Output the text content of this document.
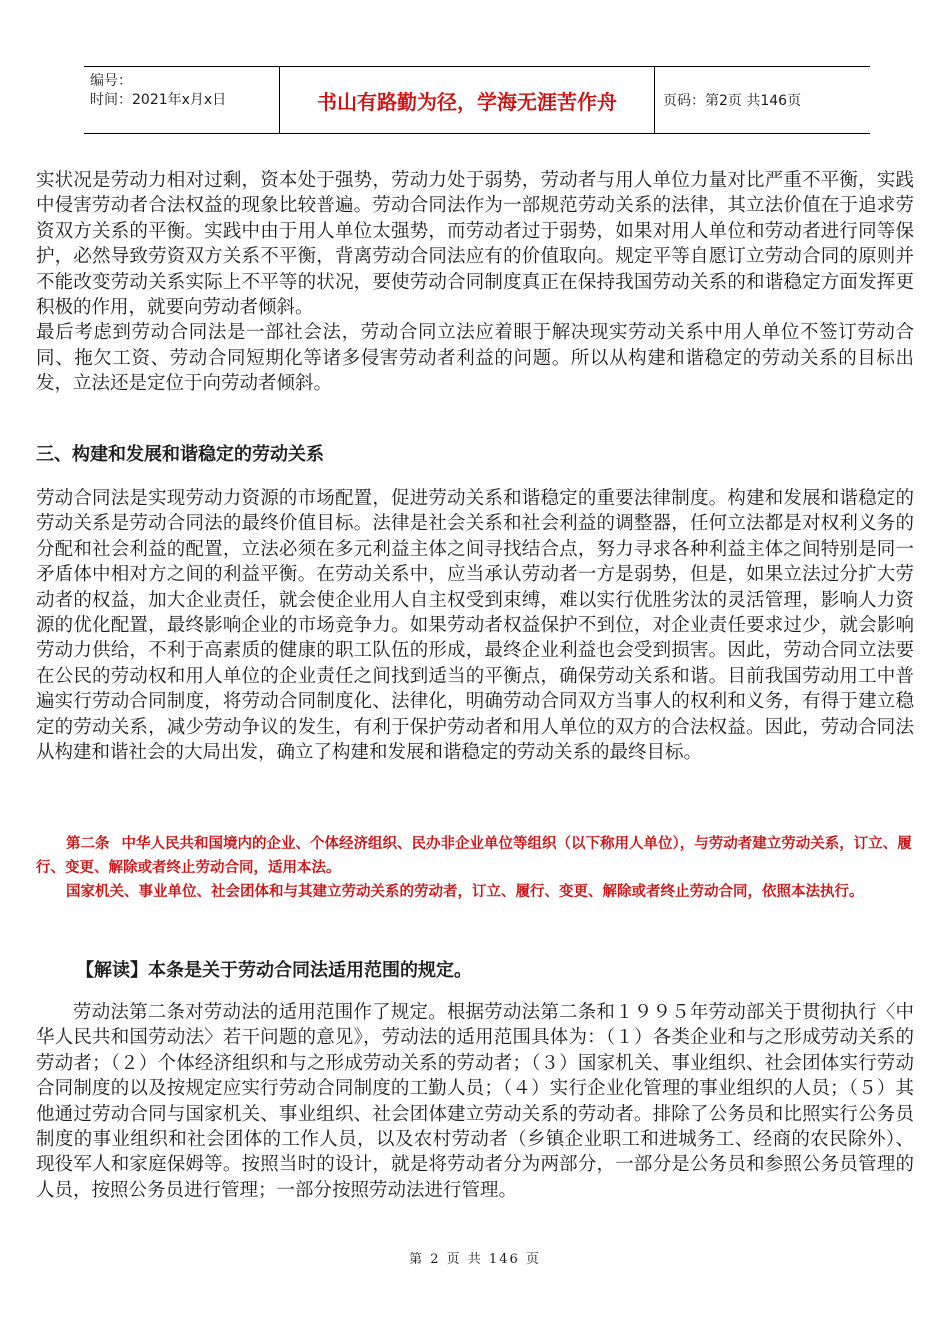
编号：
时间：2021年x月x日	书山有路勤为径，学海无涯苦作舟	页码：第2页 共146页

实状况是劳动力相对过剩，资本处于强势，劳动力处于弱势，劳动者与用人单位力量对比严重不平衡，实践中侵害劳动者合法权益的现象比较普遍。劳动合同法作为一部规范劳动关系的法律，其立法价值在于追求劳资双方关系的平衡。实践中由于用人单位太强势，而劳动者过于弱势，如果对用人单位和劳动者进行同等保护，必然导致劳资双方关系不平衡，背离劳动合同法应有的价值取向。规定平等自愿订立劳动合同的原则并不能改变劳动关系实际上不平等的状况，要使劳动合同制度真正在保持我国劳动关系的和谐稳定方面发挥更积极的作用，就要向劳动者倾斜。

最后考虑到劳动合同法是一部社会法，劳动合同立法应着眼于解决现实劳动关系中用人单位不签订劳动合同、拖欠工资、劳动合同短期化等诸多侵害劳动者利益的问题。所以从构建和谐稳定的劳动关系的目标出发，立法还是定位于向劳动者倾斜。

三、构建和发展和谐稳定的劳动关系

劳动合同法是实现劳动力资源的市场配置，促进劳动关系和谐稳定的重要法律制度。构建和发展和谐稳定的劳动关系是劳动合同法的最终价值目标。法律是社会关系和社会利益的调整器，任何立法都是对权利义务的分配和社会利益的配置，立法必须在多元利益主体之间寻找结合点，努力寻求各种利益主体之间特别是同一矛盾体中相对方之间的利益平衡。在劳动关系中，应当承认劳动者一方是弱势，但是，如果立法过分扩大劳动者的权益，加大企业责任，就会使企业用人自主权受到束缚，难以实行优胜劣汰的灵活管理，影响人力资源的优化配置，最终影响企业的市场竞争力。如果劳动者权益保护不到位，对企业责任要求过少，就会影响劳动力供给，不利于高素质的健康的职工队伍的形成，最终企业利益也会受到损害。因此，劳动合同立法要在公民的劳动权和用人单位的企业责任之间找到适当的平衡点，确保劳动关系和谐。目前我国劳动用工中普遍实行劳动合同制度，将劳动合同制度化、法律化，明确劳动合同双方当事人的权利和义务，有得于建立稳定的劳动关系，减少劳动争议的发生，有利于保护劳动者和用人单位的双方的合法权益。因此，劳动合同法从构建和谐社会的大局出发，确立了构建和发展和谐稳定的劳动关系的最终目标。

第二条 中华人民共和国境内的企业、个体经济组织、民办非企业单位等组织（以下称用人单位），与劳动者建立劳动关系，订立、履行、变更、解除或者终止劳动合同，适用本法。

国家机关、事业单位、社会团体和与其建立劳动关系的劳动者，订立、履行、变更、解除或者终止劳动合同，依照本法执行。

【解读】本条是关于劳动合同法适用范围的规定。

劳动法第二条对劳动法的适用范围作了规定。根据劳动法第二条和１９９５年劳动部关于贯彻执行〈中华人民共和国劳动法〉若干问题的意见》，劳动法的适用范围具体为：（１）各类企业和与之形成劳动关系的劳动者；（２）个体经济组织和与之形成劳动关系的劳动者；（３）国家机关、事业组织、社会团体实行劳动合同制度的以及按规定应实行劳动合同制度的工勤人员；（４）实行企业化管理的事业组织的人员；（５）其他通过劳动合同与国家机关、事业组织、社会团体建立劳动关系的劳动者。排除了公务员和比照实行公务员制度的事业组织和社会团体的工作人员，以及农村劳动者（乡镇企业职工和进城务工、经商的农民除外）、现役军人和家庭保姆等。按照当时的设计，就是将劳动者分为两部分，一部分是公务员和参照公务员管理的人员，按照公务员进行管理；一部分按照劳动法进行管理。

第 2 页 共 146 页
